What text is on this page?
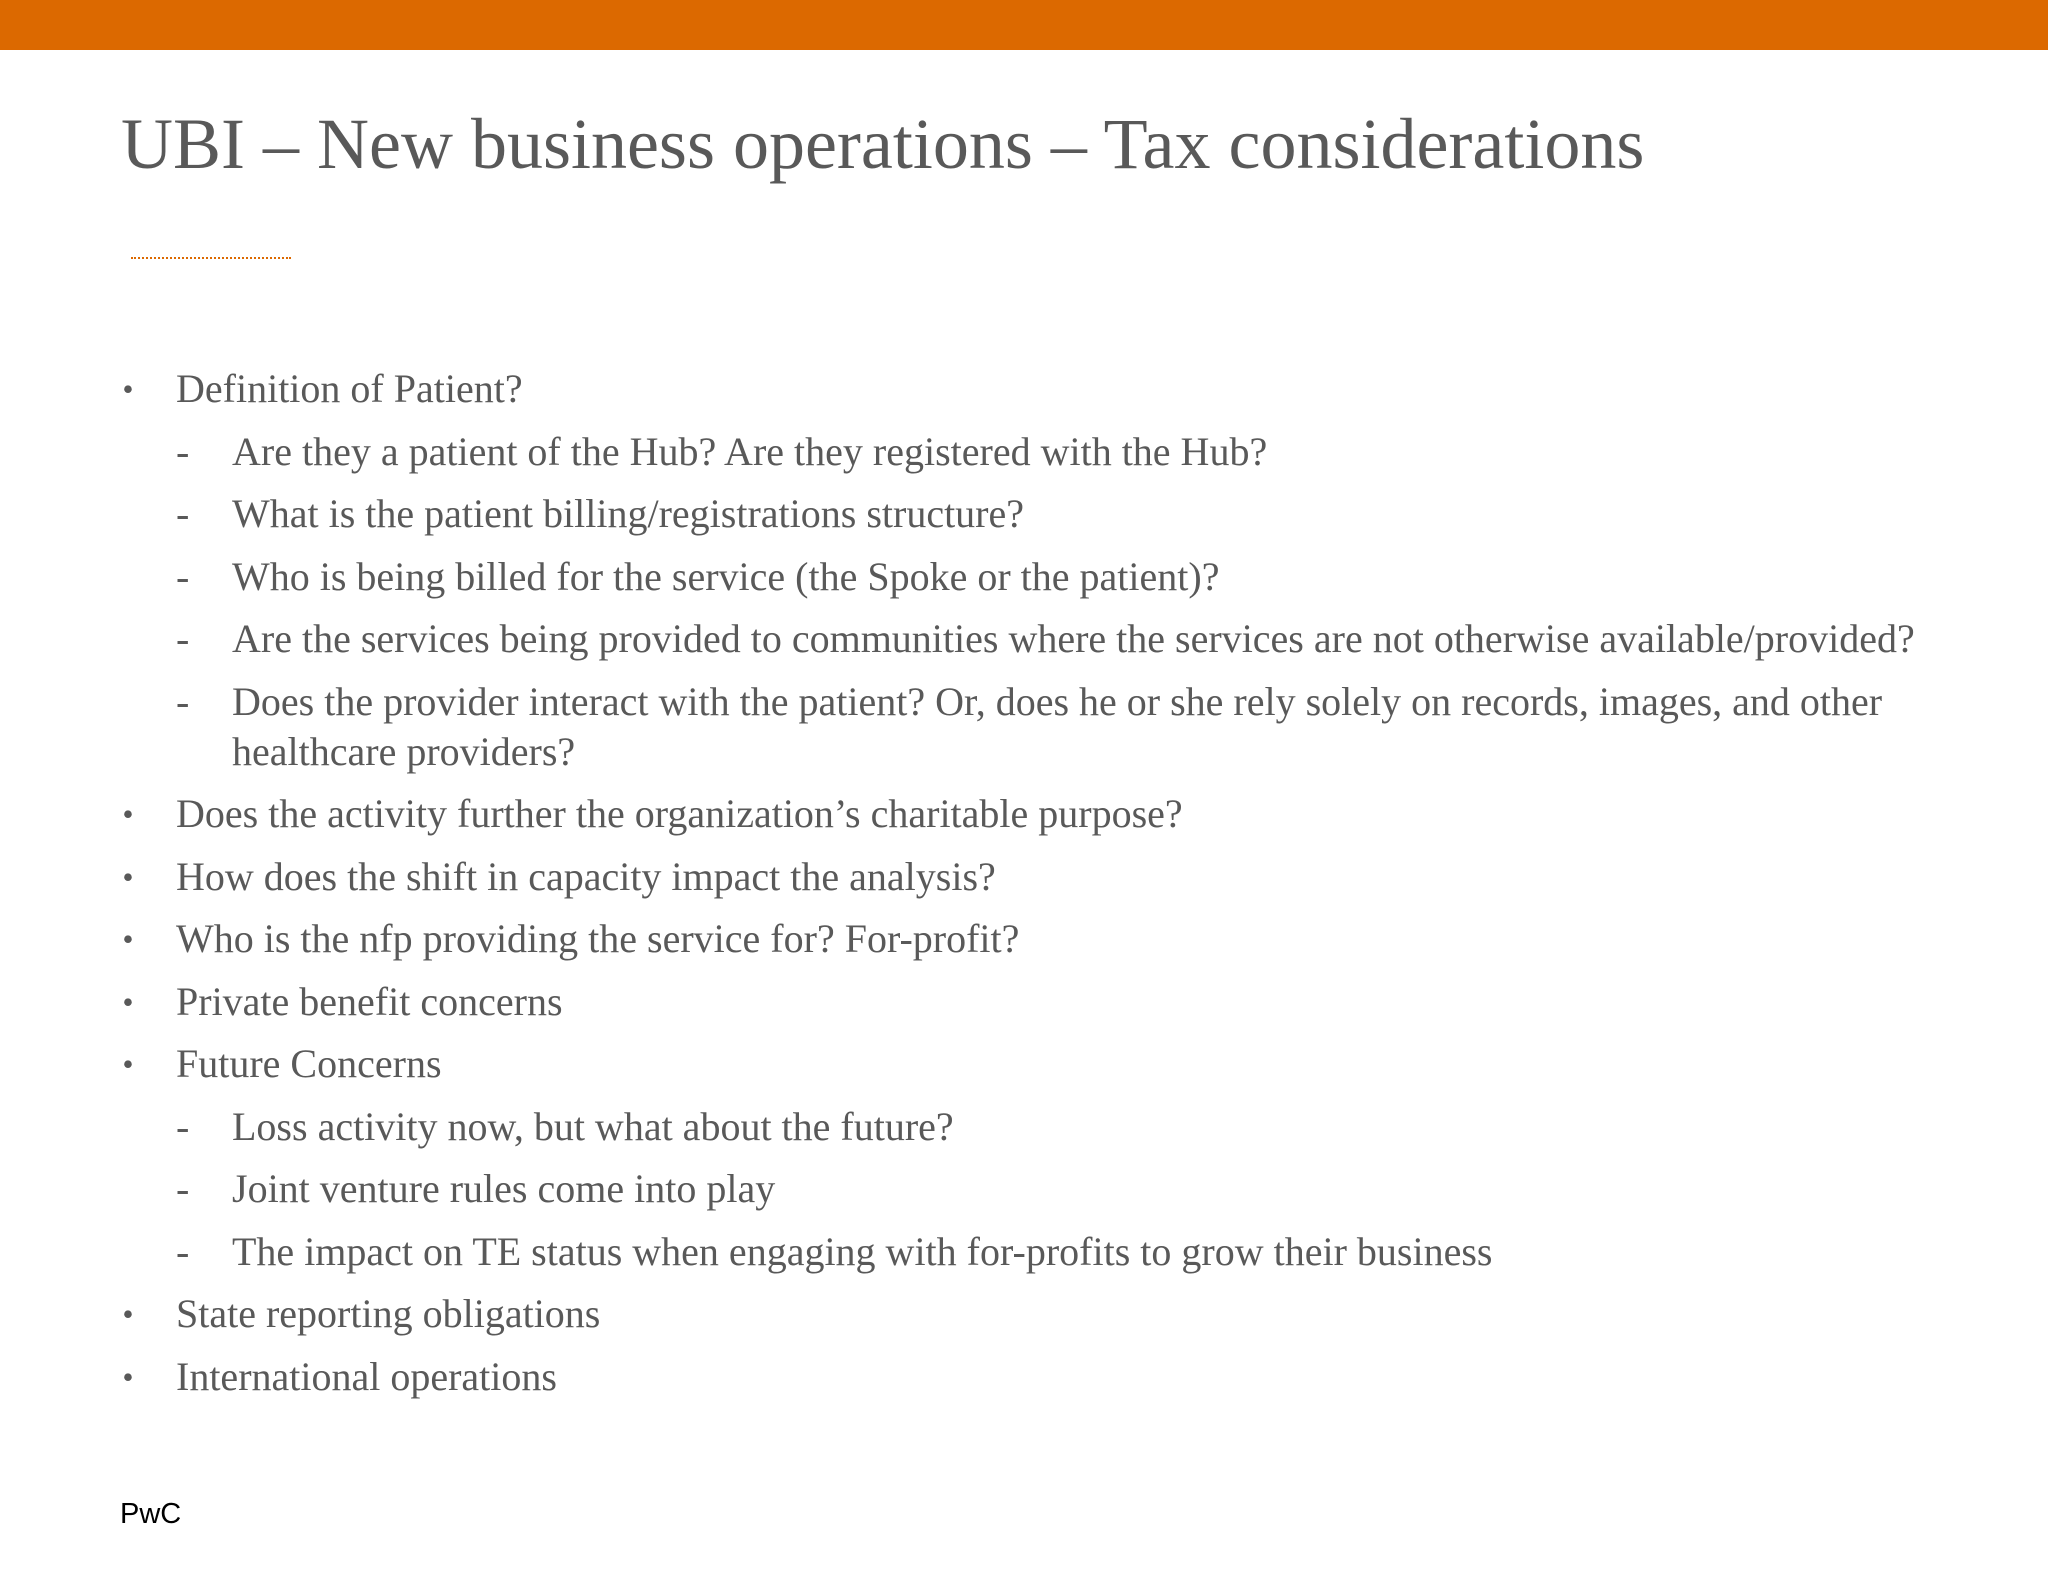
UBI – New business operations – Tax considerations
• Definition of Patient?
- Are they a patient of the Hub? Are they registered with the Hub?
- What is the patient billing/registrations structure?
- Who is being billed for the service (the Spoke or the patient)?
- Are the services being provided to communities where the services are not otherwise available/provided?
- Does the provider interact with the patient? Or, does he or she rely solely on records, images, and other healthcare providers?
• Does the activity further the organization’s charitable purpose?
• How does the shift in capacity impact the analysis?
• Who is the nfp providing the service for? For-profit?
• Private benefit concerns
• Future Concerns
- Loss activity now, but what about the future?
- Joint venture rules come into play
- The impact on TE status when engaging with for-profits to grow their business
• State reporting obligations
• International operations
PwC
